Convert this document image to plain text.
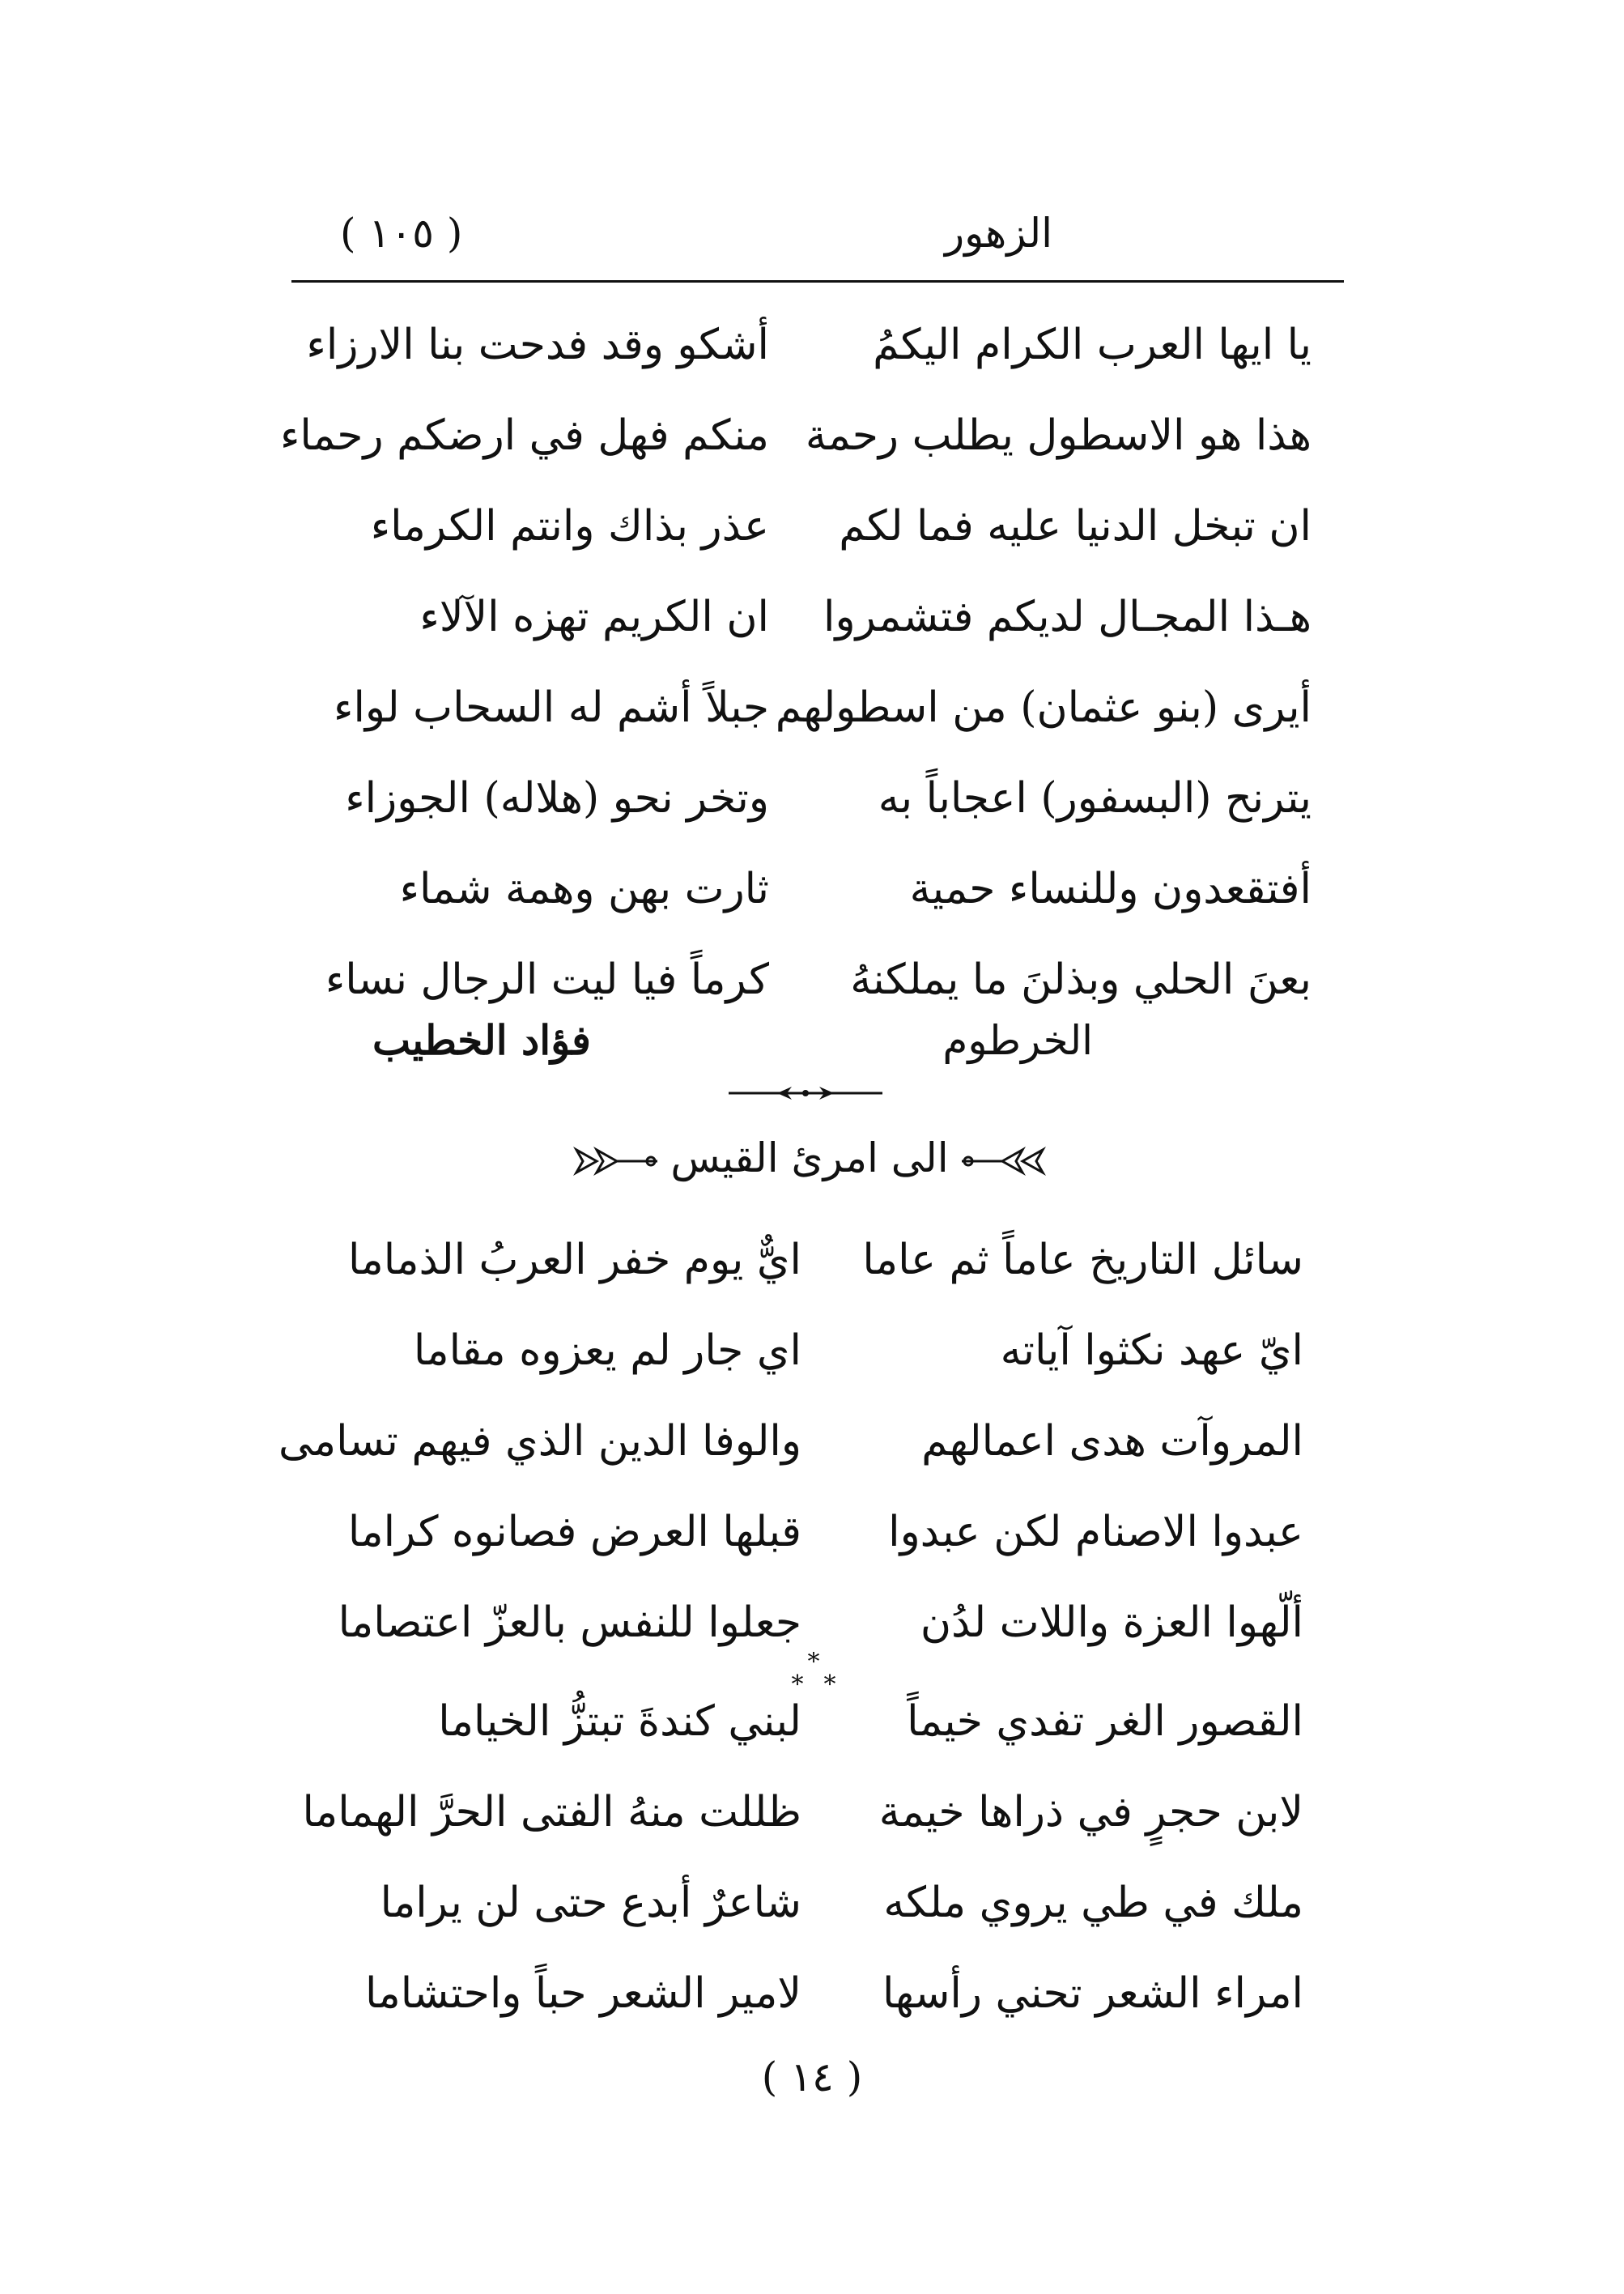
الزهور
( ١٠٥ )
يا ايها العرب الكرام اليكمُ
أشكو وقد فدحت بنا الارزاء
هذا هو الاسطول يطلب رحمة
منكم فهل في ارضكم رحماء
ان تبخل الدنيا عليه فما لكم
عذر بذاك وانتم الكرماء
هـذا المجـال لديكم فتشمروا
ان الكريم تهزه الآلاء
أيرى (بنو عثمان) من اسطولهم
جبلاً أشم له السحاب لواء
يترنح (البسفور) اعجاباً به
وتخر نحو (هلاله) الجوزاء
أفتقعدون وللنساء حمية
ثارت بهن وهمة شماء
بعنَ الحلي وبذلنَ ما يملكنهُ
كرماً فيا ليت الرجال نساء
الخرطوم
فؤاد الخطيب
الى امرئ القيس
سائل التاريخ عاماً ثم عاما
ايٌّ يوم خفر العربُ الذماما
ايّ عهد نكثوا آياته
اي جار لم يعزوه مقاما
المروآت هدى اعمالهم
والوفا الدين الذي فيهم تسامى
عبدوا الاصنام لكن عبدوا
قبلها العرض فصانوه كراما
ألّهوا العزة واللات لدُن
جعلوا للنفس بالعزّ اعتصاما
*
* *
القصور الغر تفدي خيماً
لبني كندةَ تبتزُّ الخياما
لابن حجرٍ في ذراها خيمة
ظللت منهُ الفتى الحرَّ الهماما
ملك في طي يروي ملكه
شاعرٌ أبدع حتى لن يراما
امراء الشعر تحني رأسها
لامير الشعر حباً واحتشاما
( ١٤ )
